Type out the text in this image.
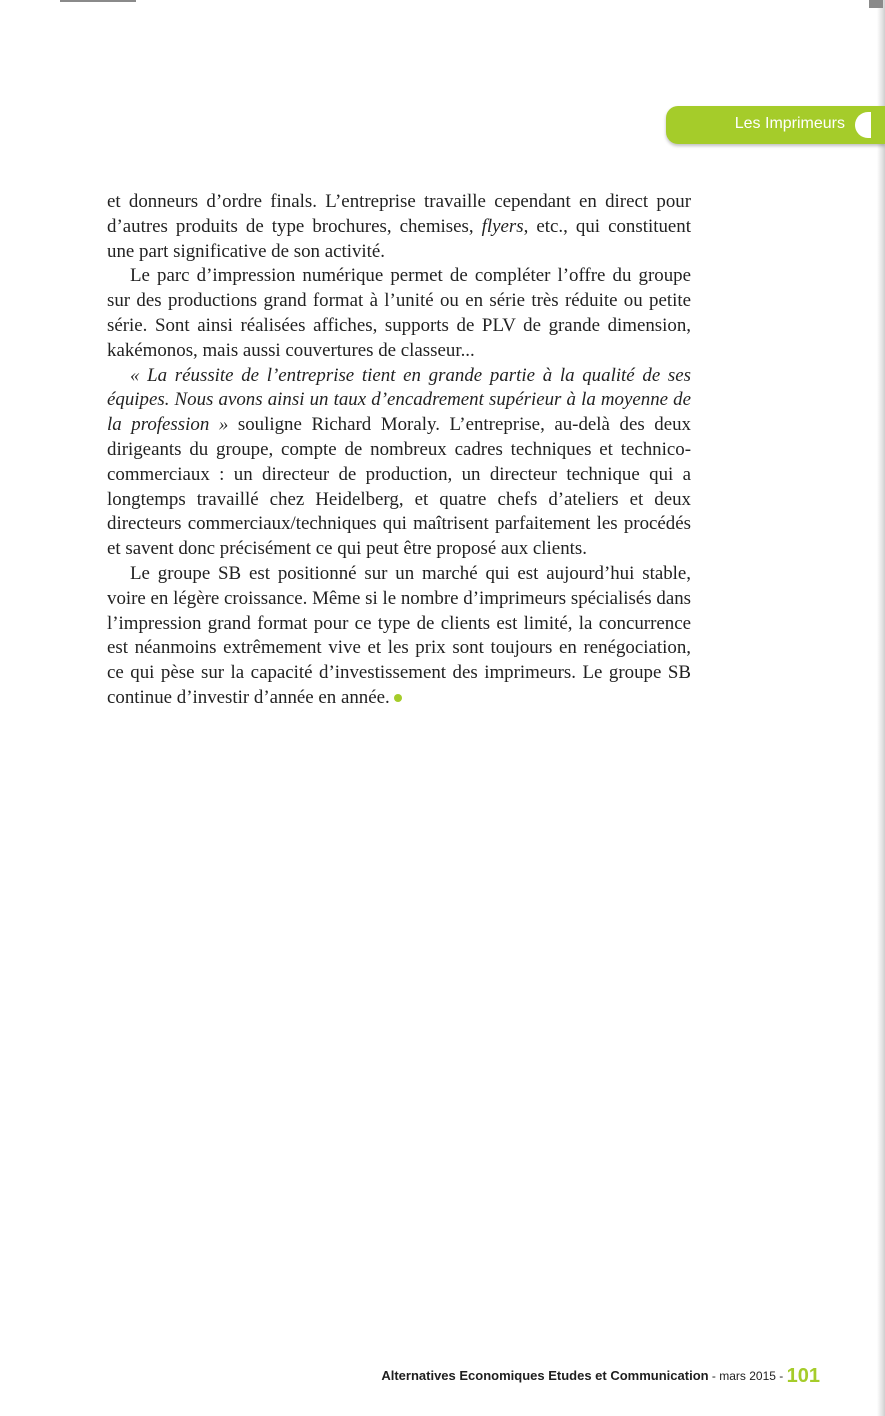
Les Imprimeurs

et donneurs d’ordre finals. L’entreprise travaille cependant en direct pour d’autres produits de type brochures, chemises, flyers, etc., qui constituent une part significative de son activité.

Le parc d’impression numérique permet de compléter l’offre du groupe sur des productions grand format à l’unité ou en série très réduite ou petite série. Sont ainsi réalisées affiches, supports de PLV de grande dimension, kakémonos, mais aussi couvertures de classeur...

« La réussite de l’entreprise tient en grande partie à la qualité de ses équipes. Nous avons ainsi un taux d’encadrement supérieur à la moyenne de la profession » souligne Richard Moraly. L’entreprise, au-delà des deux dirigeants du groupe, compte de nombreux cadres techniques et technico-commerciaux : un directeur de production, un directeur technique qui a longtemps travaillé chez Heidelberg, et quatre chefs d’ateliers et deux directeurs commerciaux/techniques qui maîtrisent parfaitement les procédés et savent donc précisément ce qui peut être proposé aux clients.

Le groupe SB est positionné sur un marché qui est aujourd’hui stable, voire en légère croissance. Même si le nombre d’imprimeurs spécialisés dans l’impression grand format pour ce type de clients est limité, la concurrence est néanmoins extrêmement vive et les prix sont toujours en renégociation, ce qui pèse sur la capacité d’investissement des imprimeurs. Le groupe SB continue d’investir d’année en année.

Alternatives Economiques Etudes et Communication - mars 2015 - 101
